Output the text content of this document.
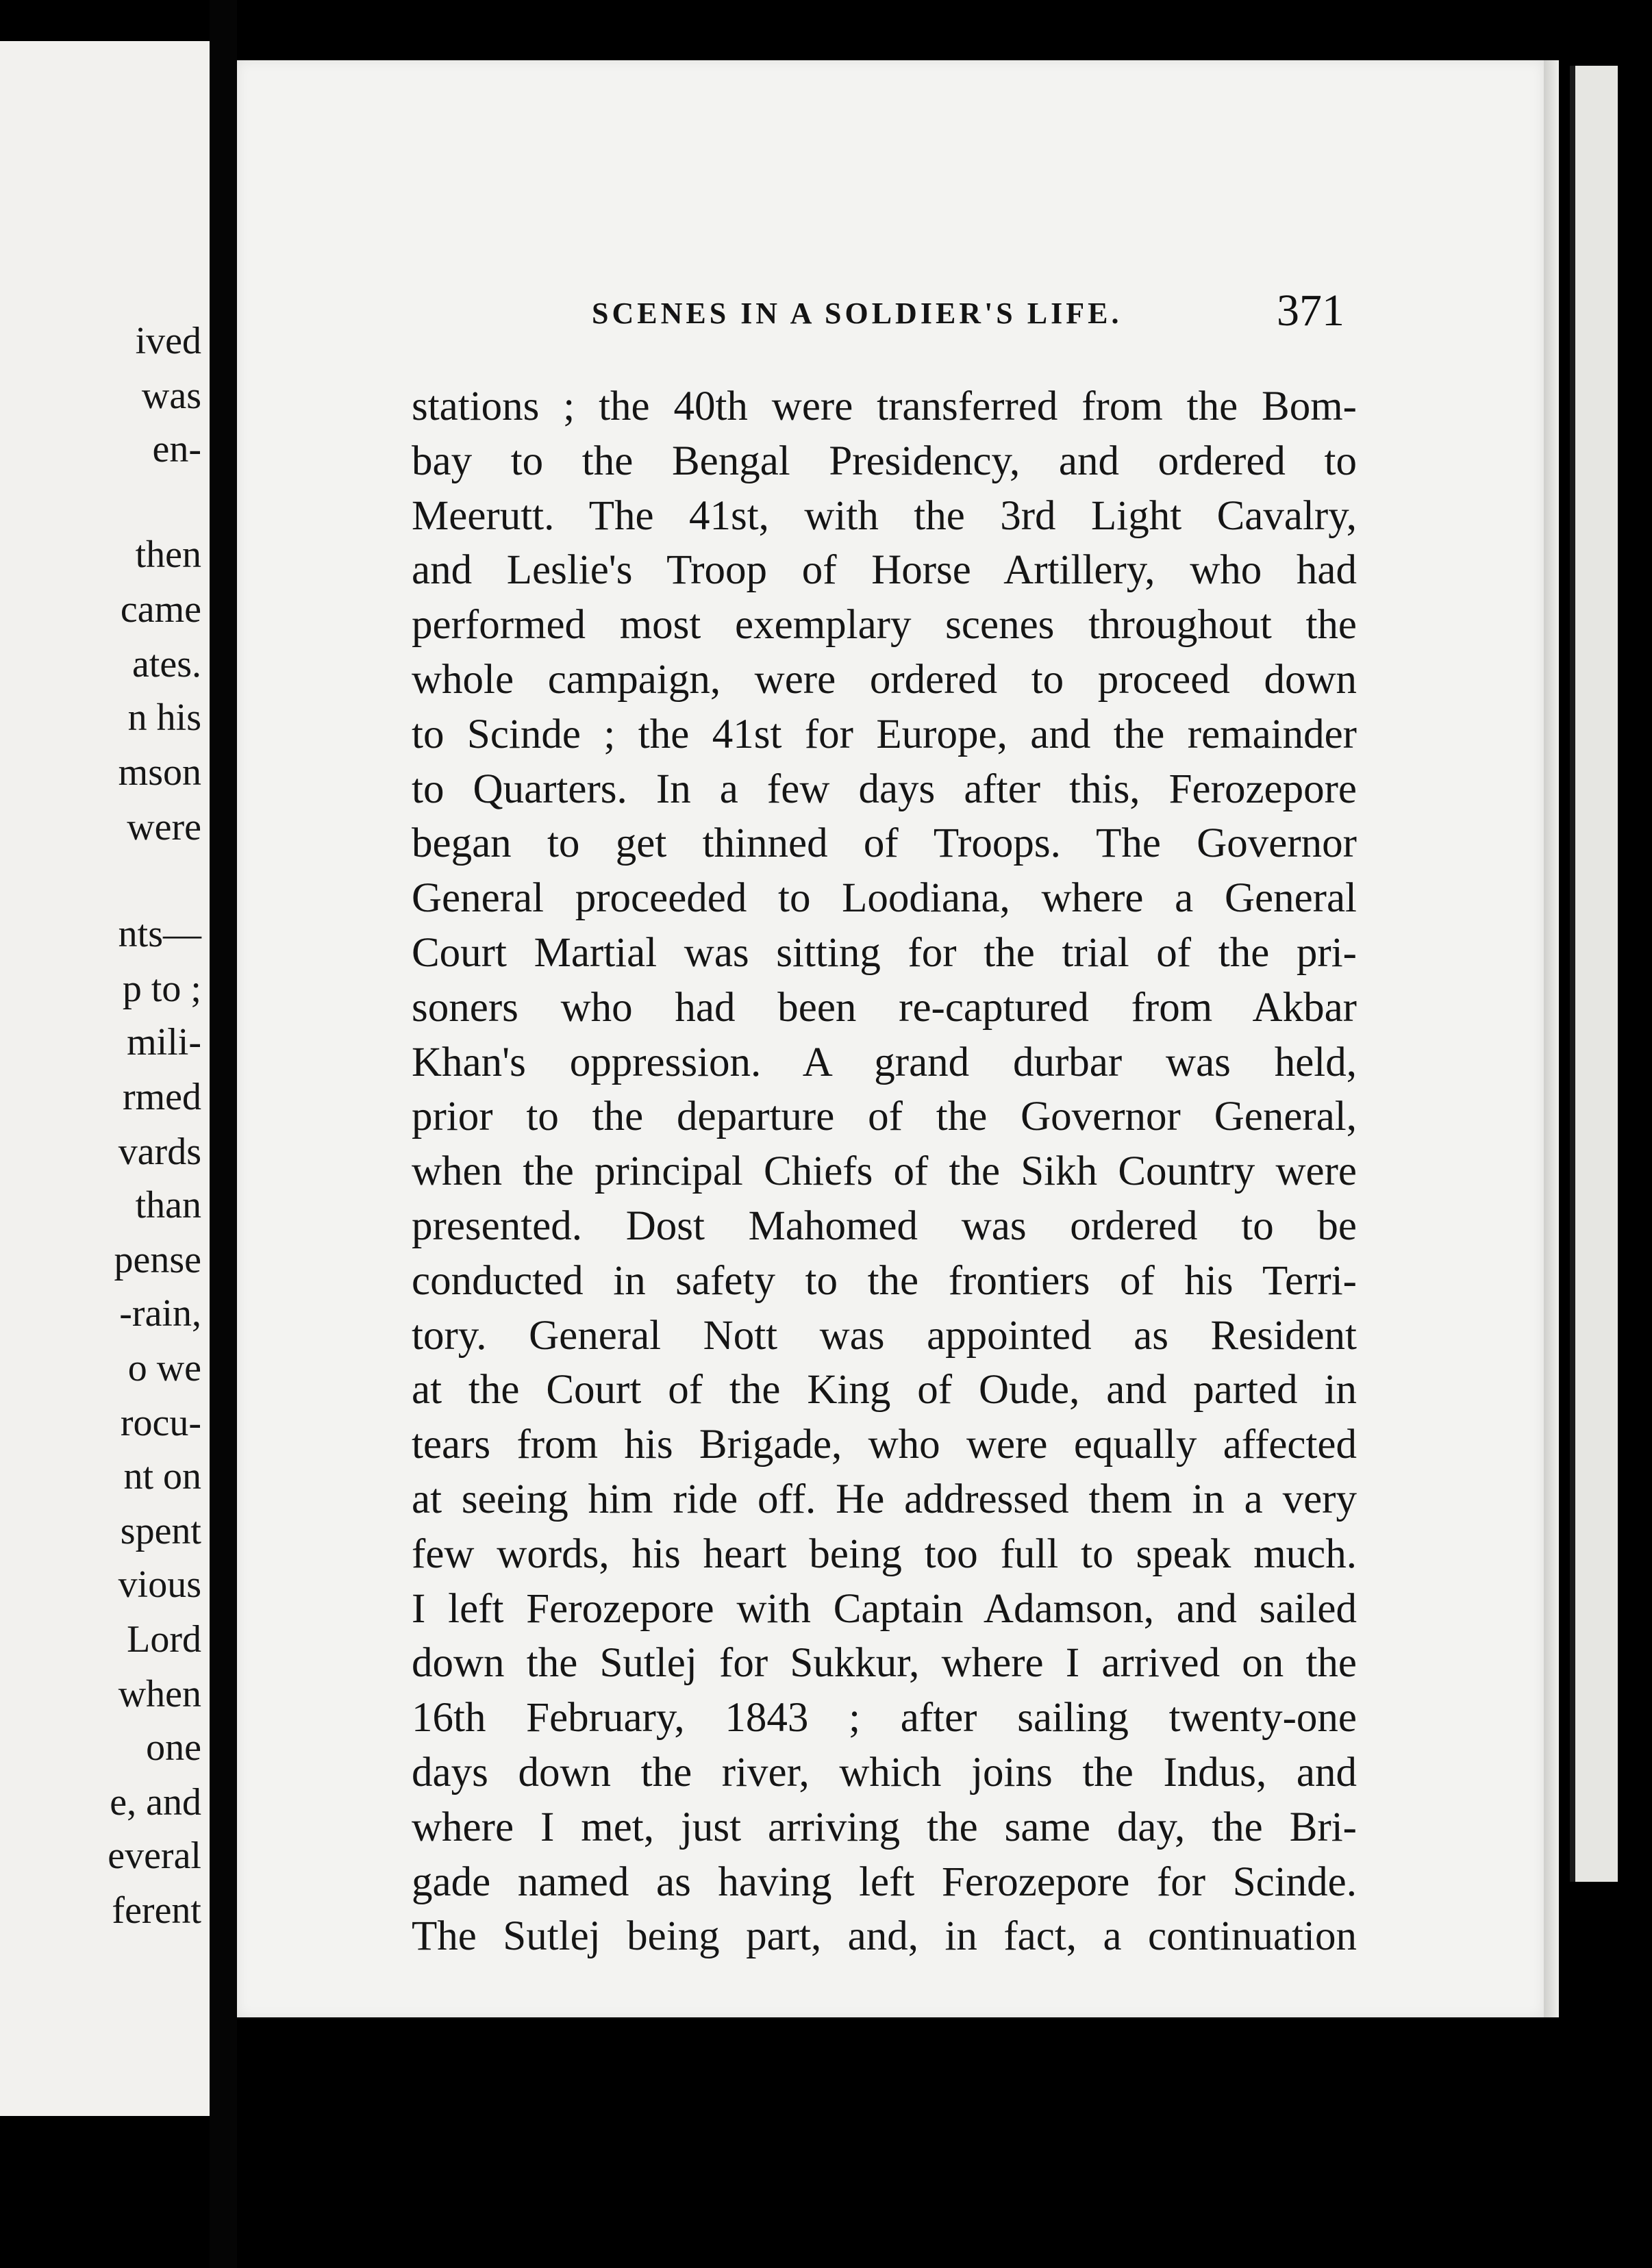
ived
was
en-
then
came
ates.
n his
mson
were
nts—
p to ;
mili-
rmed
vards
than
pense
-rain,
o we
rocu-
nt on
spent
vious
Lord
when
one
e, and
everal
ferent
SCENES IN A SOLDIER'S LIFE.	371
stations ; the 40th were transferred from the Bom-
bay to the Bengal Presidency, and ordered to
Meerutt. The 41st, with the 3rd Light Cavalry,
and Leslie's Troop of Horse Artillery, who had
performed most exemplary scenes throughout the
whole campaign, were ordered to proceed down
to Scinde ; the 41st for Europe, and the remainder
to Quarters. In a few days after this, Ferozepore
began to get thinned of Troops. The Governor
General proceeded to Loodiana, where a General
Court Martial was sitting for the trial of the pri-
soners who had been re-captured from Akbar
Khan's oppression. A grand durbar was held,
prior to the departure of the Governor General,
when the principal Chiefs of the Sikh Country were
presented. Dost Mahomed was ordered to be
conducted in safety to the frontiers of his Terri-
tory. General Nott was appointed as Resident
at the Court of the King of Oude, and parted in
tears from his Brigade, who were equally affected
at seeing him ride off. He addressed them in a very
few words, his heart being too full to speak much.
I left Ferozepore with Captain Adamson, and sailed
down the Sutlej for Sukkur, where I arrived on the
16th February, 1843 ; after sailing twenty-one
days down the river, which joins the Indus, and
where I met, just arriving the same day, the Bri-
gade named as having left Ferozepore for Scinde.
The Sutlej being part, and, in fact, a continuation
